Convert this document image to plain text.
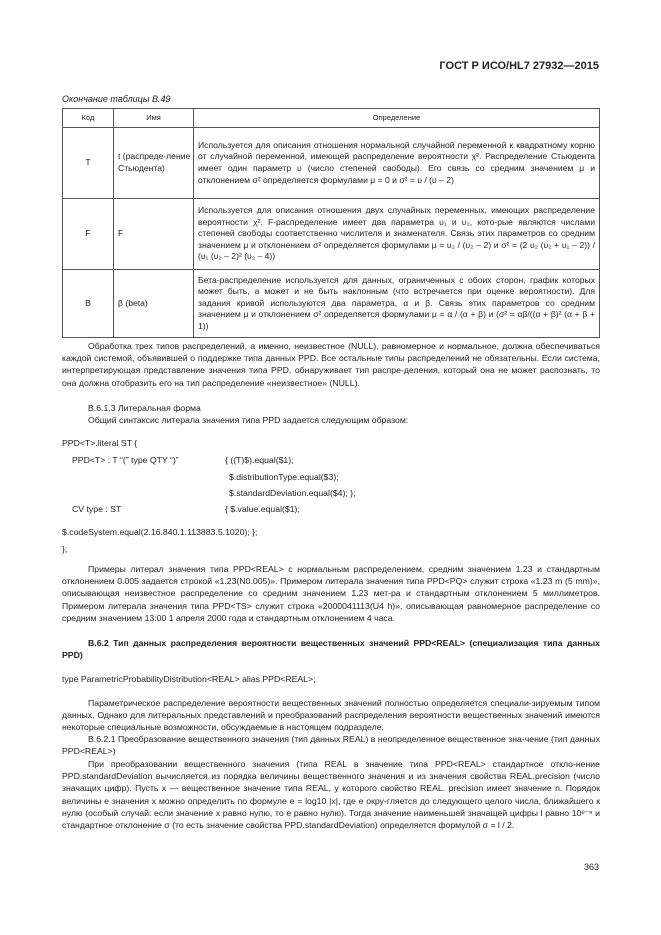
ГОСТ Р ИСО/HL7 27932—2015
Окончание таблицы B.49
Код	Имя	Определение
T	t (распреде-ление Стьюдента)	Используется для описания отношения нормальной случайной переменной к квадратному корню от случайной переменной, имеющей распределение вероятности χ². Распределение Стьюдента имеет один параметр υ (число степеней свободы). Его связь со средним значением μ и отклонением σ² определяется формулами μ = 0 и σ² = υ / (υ – 2)
F	F	Используется для описания отношения двух случайных переменных, имеющих распределение вероятности χ². F-распределение имеет два параметра υ₁ и υ₂, кото-рые являются числами степеней свободы соответственно числителя и знаменателя. Связь этих параметров со средним значением μ и отклонением σ² определяется формулами μ = υ₂ / (υ₂ – 2) и σ² = (2 υ₂ (υ₂ + υ₁ – 2)) / (υ₁ (υ₂ – 2)² (υ₂ – 4))
B	β (beta)	Бета-распределение используется для данных, ограниченных с обоих сторон, график которых может быть, а может и не быть наклонным (что встречается при оценке вероятности). Для задания кривой используются два параметра, α и β. Связь этих параметров со средним значением μ и отклонением σ² определяется формулами μ = α / (α + β) и (σ² = αβ/((α + β)² (α + β + 1))
Обработка трех типов распределений, а именно, неизвестное (NULL), равномерное и нормальное, должна обеспечиваться каждой системой, объявившей о поддержке типа данных PPD. Все остальные типы распределений не обязательны. Если система, интерпретирующая представление значения типа PPD, обнаруживает тип распре-деления, который она не может распознать, то она должна отобразить его на тип распределение «неизвестное» (NULL).
B.6.1.3 Литеральная форма
Общий синтаксис литерала значения типа PPD задается следующим образом:
PPD<T>.literal ST {
PPD<T> : T “(” type QTY “)”	{ ((T)$).equal($1);
$.distributionType.equal($3);
$.standardDeviation.equal($4); };
CV type : ST	{ $.value.equal($1);
$.codeSystem.equal(2.16.840.1.113883.5.1020); };
};
Примеры литерал значения типа PPD<REAL> с нормальным распределением, средним значением 1.23 и стандартным отклонением 0.005 задается строкой «1.23(N0.005)». Примером литерала значения типа PPD<PQ> служит строка «1.23 m (5 mm)», описывающая неизвестное распределение со средним значением 1.23 мет-ра и стандартным отклонением 5 миллиметров. Примером литерала значения типа PPD<TS> служит строка «2000041113(U4 h)», описывающая равномерное распределение со средним значением 13:00 1 апреля 2000 года и стандартным отклонением 4 часа.
B.6.2 Тип данных распределения вероятности вещественных значений PPD<REAL> (специализация типа данных PPD)
type ParametricProbabilityDistribution<REAL> alias PPD<REAL>;
Параметрическое распределение вероятности вещественных значений полностью определяется специали-зируемым типом данных. Однако для литеральных представлений и преобразований распределения вероятности вещественных значений имеются некоторые специальные возможности, обсуждаемые в настоящем подразделе.
B.6.2.1 Преобразование вещественного значения (тип данных REAL) в неопределенное вещественное зна-чение (тип данных PPD<REAL>)
При преобразовании вещественного значения (типа REAL в значение типа PPD<REAL> стандартное откло-нение PPD.standardDeviation вычисляется из порядка величины вещественного значения и из значения свойства REAL.precision (число значащих цифр). Пусть x — вещественное значение типа REAL, у которого свойство REAL. precision имеет значение n. Порядок величины e значения x можно определить по формуле e = log10 |x|, где e окру-гляется до следующего целого числа, ближайшего к нулю (особый случай: если значение x равно нулю, то e равно нулю). Тогда значение наименьшей значащей цифры l равно 10ᵉ⁻ⁿ и стандартное отклонение σ (то есть значение свойства PPD.standardDeviation) определяется формулой σ = l / 2.
363
